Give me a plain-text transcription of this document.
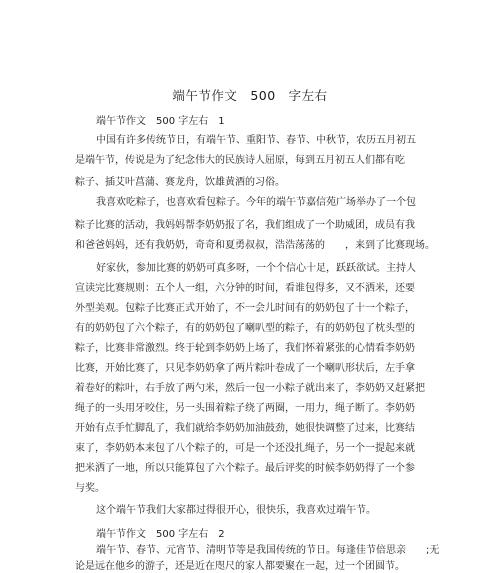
端午节作文　500　字左右
端午节作文　500 字左右　1
中国有许多传统节日，有端午节、重阳节、春节、中秋节，农历五月初五
是端午节，传说是为了纪念伟大的民族诗人屈原，每到五月初五人们都有吃
粽子、插艾叶菖蒲、赛龙舟，饮雄黄酒的习俗。
我喜欢吃粽子，也喜欢看包粽子。今年的端午节嘉信苑广场举办了一个包
粽子比赛的活动，我妈妈帮李奶奶报了名，我们组成了一个助威团，成员有我
和爸爸妈妈，还有我奶奶，奇奇和夏勇叔叔，浩浩荡荡的　　，来到了比赛现场。
好家伙，参加比赛的奶奶可真多呀，一个个信心十足，跃跃欲试。主持人
宣读完比赛规则：五个人一组，六分钟的时间，看谁包得多，又不洒米，还要
外型美观。包粽子比赛正式开始了，不一会儿时间有的奶奶包了十一个粽子，
有的奶奶包了六个粽子，有的奶奶包了喇叭型的粽子，有的奶奶包了枕头型的
粽子，比赛非常激烈。终于轮到李奶奶上场了，我们怀着紧张的心情看李奶奶
比赛，开始比赛了，只见李奶奶拿了两片粽叶卷成了一个喇叭形状后，左手拿
着卷好的粽叶，右手放了两勺米，然后一包一小粽子就出来了，李奶奶又赶紧把
绳子的一头用牙咬住，另一头围着粽子绕了两圈，一用力，绳子断了。李奶奶
开始有点手忙脚乱了，我们就给李奶奶加油鼓劲，她很快调整了过来，比赛结
束了，李奶奶本来包了八个粽子的，可是一个还没扎绳子，另一个一提起来就
把米洒了一地，所以只能算包了六个粽子。最后评奖的时候李奶奶得了一个参
与奖。
这个端午节我们大家都过得很开心，很快乐，我喜欢过端午节。
端午节作文　500 字左右　2
端午节、春节、元宵节、清明节等是我国传统的节日。每逢佳节倍思亲　　;无
论是远在他乡的游子，还是近在咫尺的家人都要聚在一起，过一个团圆节。
